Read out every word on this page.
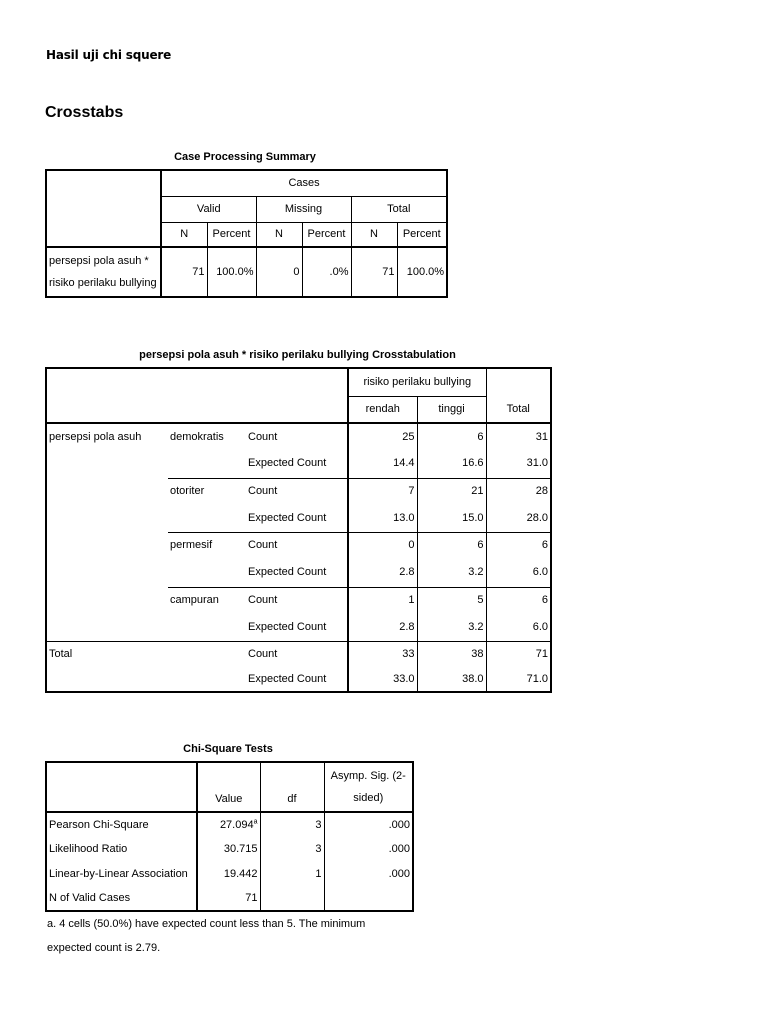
Hasil uji chi squere
Crosstabs
Case Processing Summary
	Cases					
	Valid		Missing		Total	
	N	Percent	N	Percent	N	Percent

persepsi pola asuh *
risiko perilaku bullying	71	100.0%	0	.0%	71	100.0%
persepsi pola asuh * risiko perilaku bullying Crosstabulation
			risiko perilaku bullying		Total
			rendah	tinggi	
persepsi pola asuh	demokratis	Count	25	6	31
		Expected Count	14.4	16.6	31.0
	otoriter	Count	7	21	28
		Expected Count	13.0	15.0	28.0
	permesif	Count	0	6	6
		Expected Count	2.8	3.2	6.0
	campuran	Count	1	5	6
		Expected Count	2.8	3.2	6.0
Total		Count	33	38	71
		Expected Count	33.0	38.0	71.0
Chi-Square Tests
	Value	df	Asymp. Sig. (2-
sided)

Pearson Chi-Square	27.094$^a$	3	.000
Likelihood Ratio	30.715	3	.000
Linear-by-Linear Association	19.442	1	.000
N of Valid Cases	71		
a. 4 cells (50.0%) have expected count less than 5. The minimum
expected count is 2.79.
